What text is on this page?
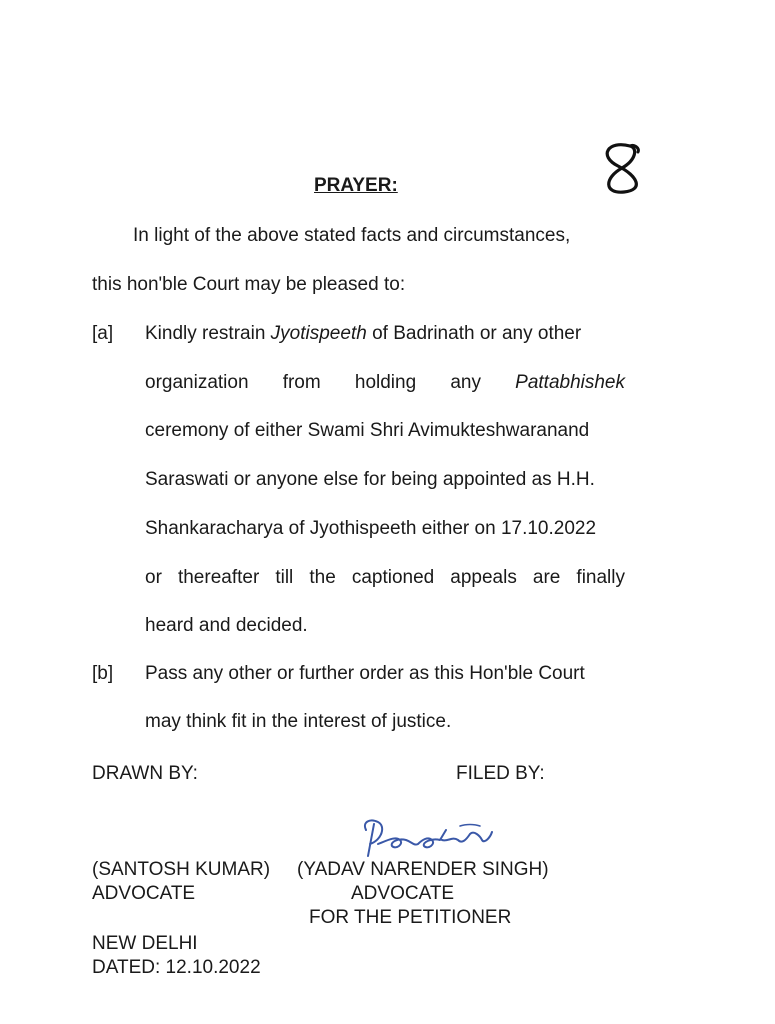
PRAYER:
In light of the above stated facts and circumstances,
this hon'ble Court may be pleased to:
[a] Kindly restrain Jyotispeeth of Badrinath or any other
organization from holding any Pattabhishek
ceremony of either Swami Shri Avimukteshwaranand
Saraswati or anyone else for being appointed as H.H.
Shankaracharya of Jyothispeeth either on 17.10.2022
or thereafter till the captioned appeals are finally
heard and decided.
[b] Pass any other or further order as this Hon'ble Court
may think fit in the interest of justice.
DRAWN BY:	FILED BY:
(SANTOSH KUMAR)
ADVOCATE
(YADAV NARENDER SINGH)
ADVOCATE
FOR THE PETITIONER
NEW DELHI
DATED: 12.10.2022
